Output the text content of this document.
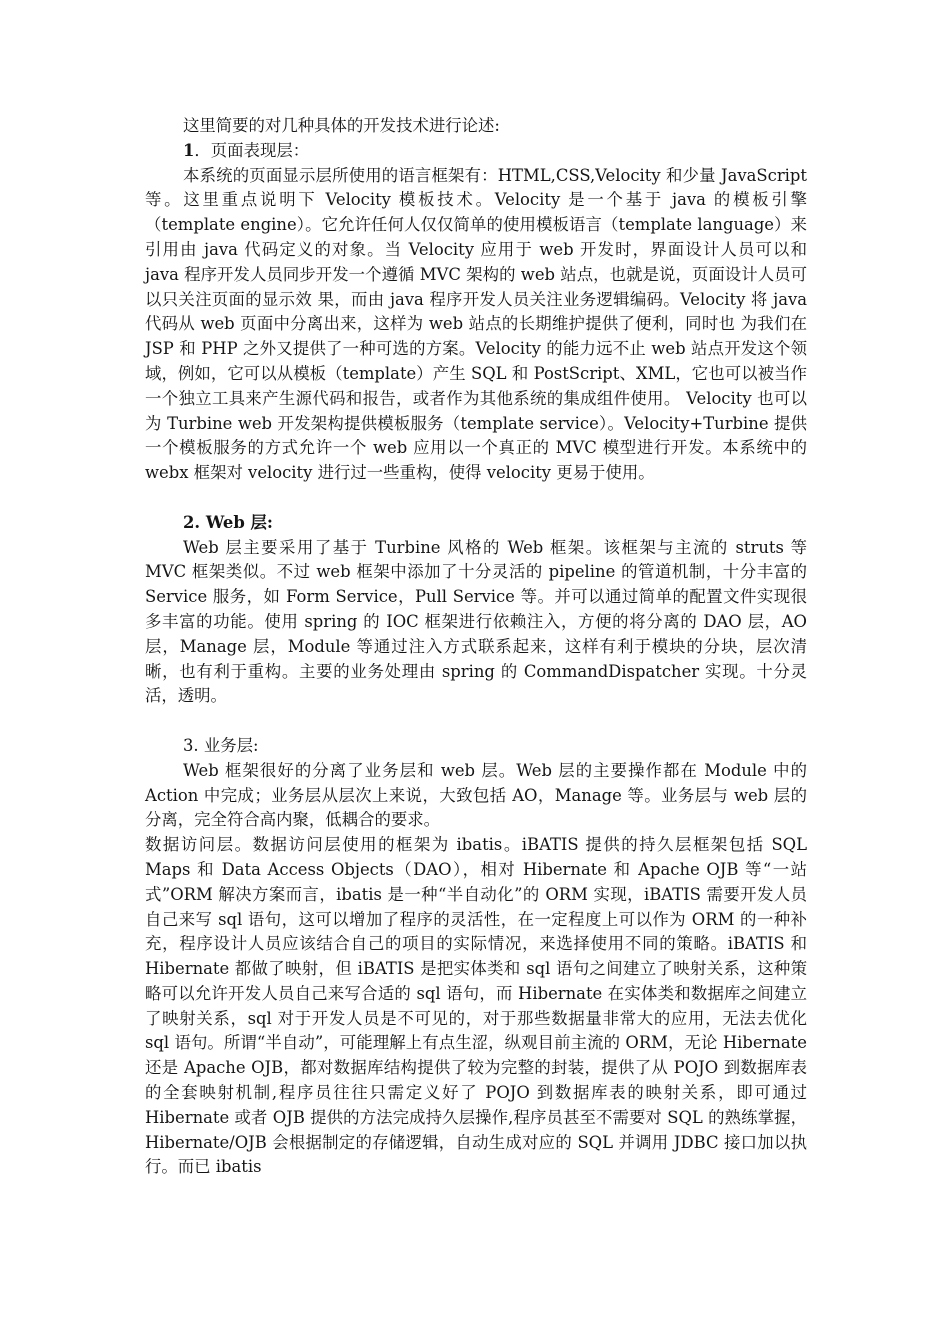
这里简要的对几种具体的开发技术进行论述:

1．页面表现层：

本系统的页面显示层所使用的语言框架有：HTML,CSS,Velocity 和少量 JavaScript 等。这里重点说明下 Velocity 模板技术。Velocity 是一个基于 java 的模板引擎（template engine）。它允许任何人仅仅简单的使用模板语言（template language）来引用由 java 代码定义的对象。当 Velocity 应用于 web 开发时，界面设计人员可以和 java 程序开发人员同步开发一个遵循 MVC 架构的 web 站点，也就是说，页面设计人员可以只关注页面的显示效 果，而由 java 程序开发人员关注业务逻辑编码。Velocity 将 java 代码从 web 页面中分离出来，这样为 web 站点的长期维护提供了便利，同时也 为我们在 JSP 和 PHP 之外又提供了一种可选的方案。Velocity 的能力远不止 web 站点开发这个领域，例如，它可以从模板（template）产生 SQL 和 PostScript、XML，它也可以被当作一个独立工具来产生源代码和报告，或者作为其他系统的集成组件使用。 Velocity 也可以为 Turbine web 开发架构提供模板服务（template service）。Velocity+Turbine 提供一个模板服务的方式允许一个 web 应用以一个真正的 MVC 模型进行开发。本系统中的 webx 框架对 velocity 进行过一些重构，使得 velocity 更易于使用。

2. Web 层:

Web 层主要采用了基于 Turbine 风格的 Web 框架。该框架与主流的 struts 等 MVC 框架类似。不过 web 框架中添加了十分灵活的 pipeline 的管道机制，十分丰富的 Service 服务，如 Form Service，Pull Service 等。并可以通过简单的配置文件实现很多丰富的功能。使用 spring 的 IOC 框架进行依赖注入，方便的将分离的 DAO 层，AO 层，Manage 层，Module 等通过注入方式联系起来，这样有利于模块的分块，层次清晰，也有利于重构。主要的业务处理由 spring 的 CommandDispatcher 实现。十分灵活，透明。

3. 业务层:

Web 框架很好的分离了业务层和 web 层。Web 层的主要操作都在 Module 中的 Action 中完成；业务层从层次上来说，大致包括 AO，Manage 等。业务层与 web 层的分离，完全符合高内聚，低耦合的要求。

数据访问层。数据访问层使用的框架为 ibatis。iBATIS 提供的持久层框架包括 SQL Maps 和 Data Access Objects（DAO），相对 Hibernate 和 Apache OJB 等“一站式”ORM 解决方案而言，ibatis 是一种“半自动化”的 ORM 实现，iBATIS 需要开发人员自己来写 sql 语句，这可以增加了程序的灵活性，在一定程度上可以作为 ORM 的一种补充，程序设计人员应该结合自己的项目的实际情况，来选择使用不同的策略。iBATIS 和 Hibernate 都做了映射，但 iBATIS 是把实体类和 sql 语句之间建立了映射关系，这种策略可以允许开发人员自己来写合适的 sql 语句，而 Hibernate 在实体类和数据库之间建立了映射关系，sql 对于开发人员是不可见的，对于那些数据量非常大的应用，无法去优化 sql 语句。所谓“半自动”，可能理解上有点生涩，纵观目前主流的 ORM，无论 Hibernate 还是 Apache OJB，都对数据库结构提供了较为完整的封装，提供了从 POJO 到数据库表的全套映射机制,程序员往往只需定义好了 POJO 到数据库表的映射关系，即可通过 Hibernate 或者 OJB 提供的方法完成持久层操作,程序员甚至不需要对 SQL 的熟练掌握， Hibernate/OJB 会根据制定的存储逻辑，自动生成对应的 SQL 并调用 JDBC 接口加以执行。而已 ibatis
